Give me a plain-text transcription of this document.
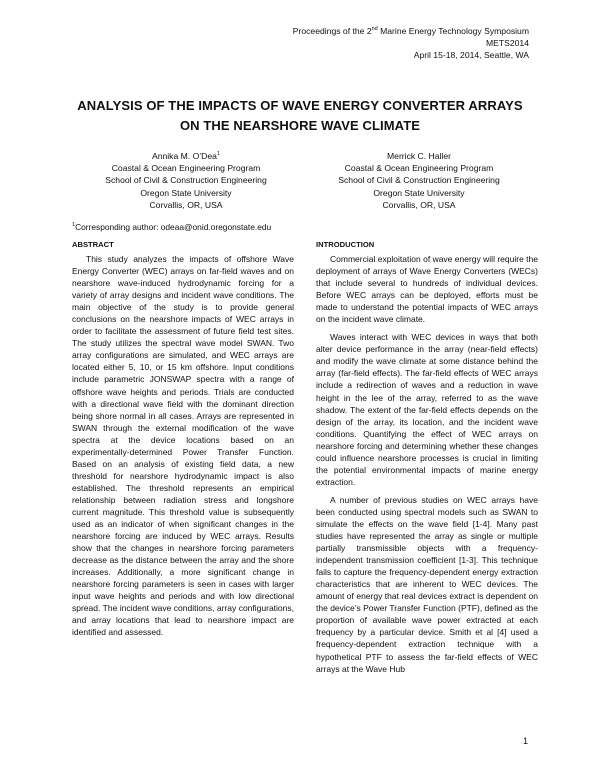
Proceedings of the 2nd Marine Energy Technology Symposium
METS2014
April 15-18, 2014, Seattle, WA
ANALYSIS OF THE IMPACTS OF WAVE ENERGY CONVERTER ARRAYS
ON THE NEARSHORE WAVE CLIMATE
Annika M. O’Dea$^1$
Coastal & Ocean Engineering Program
School of Civil & Construction Engineering
Oregon State University
Corvallis, OR, USA
Merrick C. Haller
Coastal & Ocean Engineering Program
School of Civil & Construction Engineering
Oregon State University
Corvallis, OR, USA
$^1$Corresponding author: odeaa@onid.oregonstate.edu
ABSTRACT

This study analyzes the impacts of offshore Wave Energy Converter (WEC) arrays on far-field waves and on nearshore wave-induced hydrodynamic forcing for a variety of array designs and incident wave conditions. The main objective of the study is to provide general conclusions on the nearshore impacts of WEC arrays in order to facilitate the assessment of future field test sites. The study utilizes the spectral wave model SWAN. Two array configurations are simulated, and WEC arrays are located either 5, 10, or 15 km offshore. Input conditions include parametric JONSWAP spectra with a range of offshore wave heights and periods. Trials are conducted with a directional wave field with the dominant direction being shore normal in all cases. Arrays are represented in SWAN through the external modification of the wave spectra at the device locations based on an experimentally-determined Power Transfer Function. Based on an analysis of existing field data, a new threshold for nearshore hydrodynamic impact is also established. The threshold represents an empirical relationship between radiation stress and longshore current magnitude. This threshold value is subsequently used as an indicator of when significant changes in the nearshore forcing are induced by WEC arrays. Results show that the changes in nearshore forcing parameters decrease as the distance between the array and the shore increases. Additionally, a more significant change in nearshore forcing parameters is seen in cases with larger input wave heights and periods and with low directional spread. The incident wave conditions, array configurations, and array locations that lead to nearshore impact are identified and assessed.

INTRODUCTION

Commercial exploitation of wave energy will require the deployment of arrays of Wave Energy Converters (WECs) that include several to hundreds of individual devices. Before WEC arrays can be deployed, efforts must be made to understand the potential impacts of WEC arrays on the incident wave climate.

Waves interact with WEC devices in ways that both alter device performance in the array (near-field effects) and modify the wave climate at some distance behind the array (far-field effects). The far-field effects of WEC arrays include a redirection of waves and a reduction in wave height in the lee of the array, referred to as the wave shadow. The extent of the far-field effects depends on the design of the array, its location, and the incident wave conditions. Quantifying the effect of WEC arrays on nearshore forcing and determining whether these changes could influence nearshore processes is crucial in limiting the potential environmental impacts of marine energy extraction.

A number of previous studies on WEC arrays have been conducted using spectral models such as SWAN to simulate the effects on the wave field [1-4]. Many past studies have represented the array as single or multiple partially transmissible objects with a frequency-independent transmission coefficient [1-3]. This technique fails to capture the frequency-dependent energy extraction characteristics that are inherent to WEC devices. The amount of energy that real devices extract is dependent on the device’s Power Transfer Function (PTF), defined as the proportion of available wave power extracted at each frequency by a particular device. Smith et al [4] used a frequency-dependent extraction technique with a hypothetical PTF to assess the far-field effects of WEC arrays at the Wave Hub

1
